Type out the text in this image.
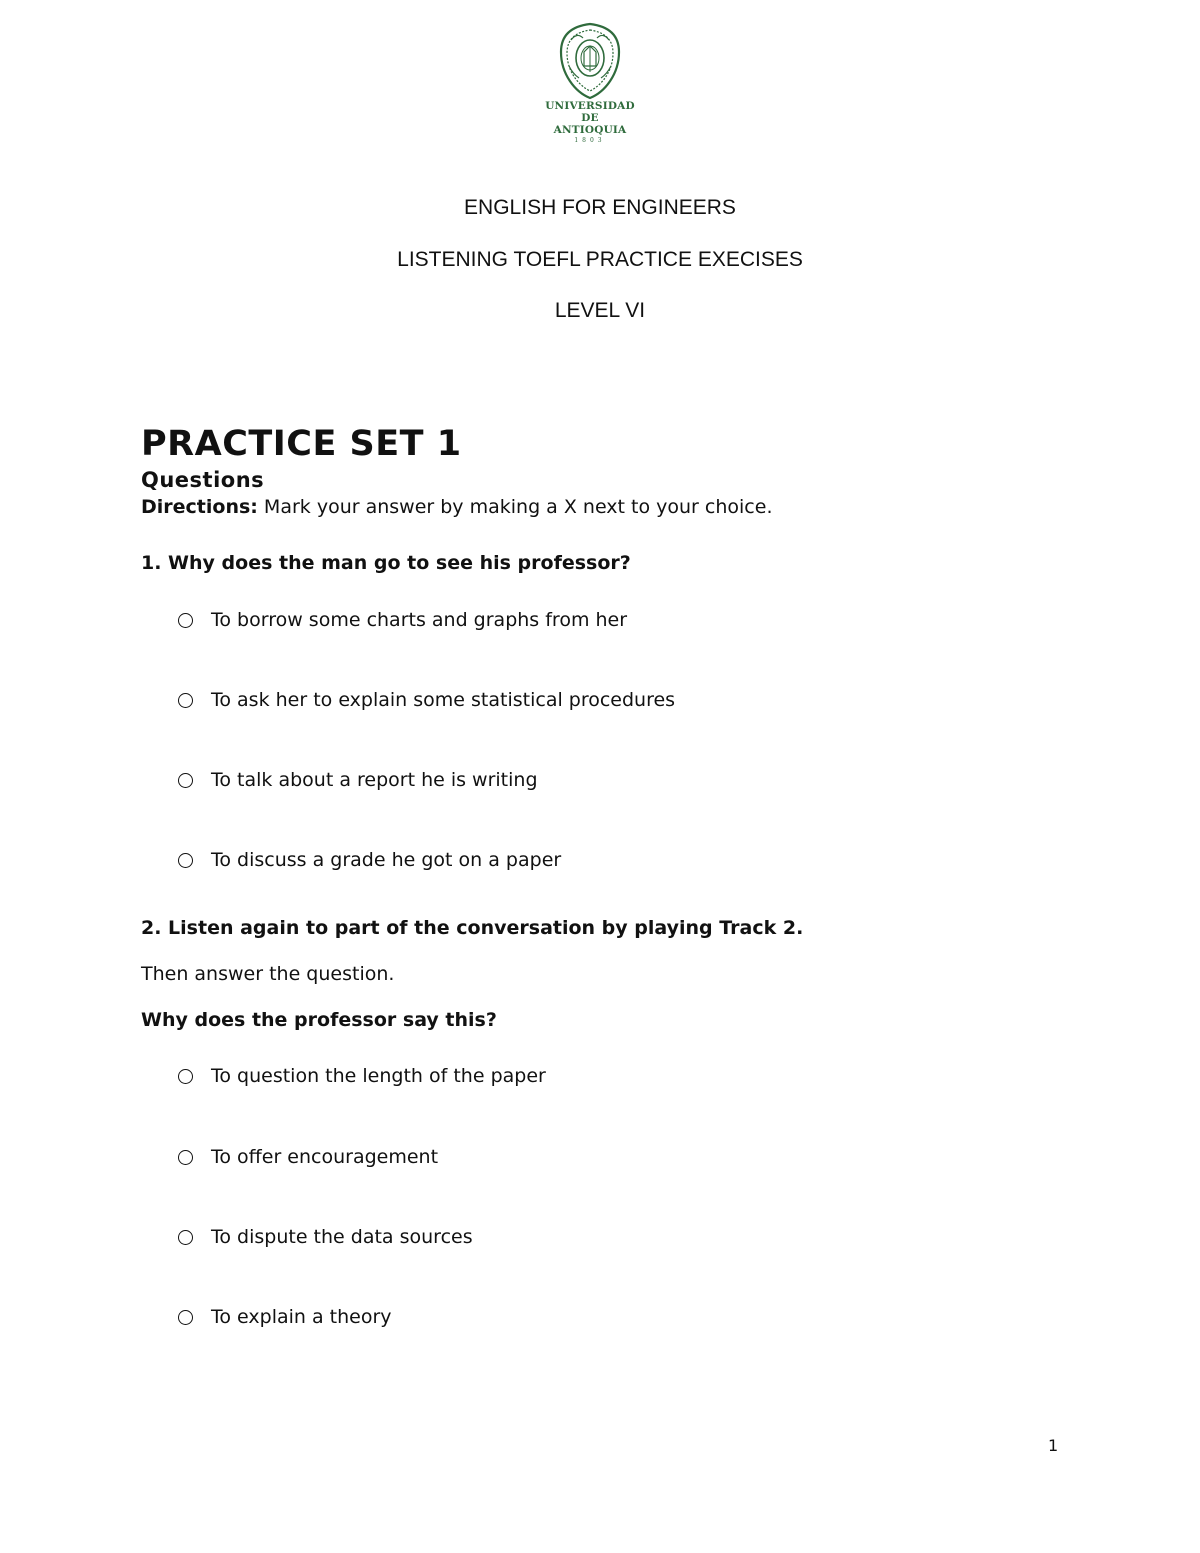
UNIVERSIDAD
DE ANTIOQUIA
1803
ENGLISH FOR ENGINEERS
LISTENING TOEFL PRACTICE EXECISES
LEVEL VI
PRACTICE SET 1
Questions
Directions: Mark your answer by making a X next to your choice.
1. Why does the man go to see his professor?
To borrow some charts and graphs from her
To ask her to explain some statistical procedures
To talk about a report he is writing
To discuss a grade he got on a paper
2. Listen again to part of the conversation by playing Track 2.
Then answer the question.
Why does the professor say this?
To question the length of the paper
To offer encouragement
To dispute the data sources
To explain a theory
1
